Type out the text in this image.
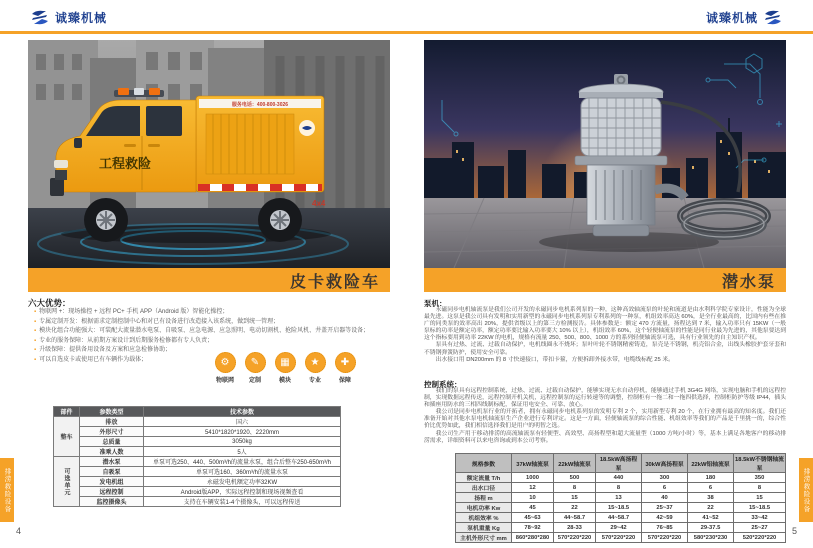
诚臻机械	诚臻机械
服务电话：400-800-3026
工程救险
4x4
皮卡救险车	潜水泵
六大优势：
▪ 物联网 +：现场操控 + 远程 PC+ 手机 APP（Android 版）智能化操控；
▪ 专属定制开发：根据需求定制控制中心和对已有设备进行改造接入该系统，做到统一管理；
▪ 模块化组合功能强大：可装配大流量潜水电泵、自吸泵、应急电源、应急照明、电动切割机、抢险风机、井盖开启器等设备；
▪ 专业的服务保障：从前期方案设计到后期服务检修都有专人负责；
▪ 升级保障：提供备用设备及方案和应急检修协助；
▪ 可以自选皮卡或使用已有车辆作为载体；	⚙
物联网
✎
定制
▦
模块
★
专业
✚
保障
部件	参数类型	技术参数
整车	排放	国六
	外形尺寸	5410*1820*1920、2220mm
	总质量	3050kg
	准乘人数	5人
可选单元	潜水泵	单泵可选250、440、500m³/h的流量水泵，组合后整车250-650m³/h
	自吸泵	单泵可选160、360m³/h的流量水泵
	发电机组	永磁发电机额定功率32KW
	远程控制	Android版APP，实际远程控制和现场视频查看
	监控摄像头	支持在车辆安装1-4个摄像头，可以远程传送
泵机：

永磁同步电机轴流泵是我们公司开发的永磁同步电机系列泵的一种，这种高效轴流泵的叶轮和流道是由水利科学院专家设计，性能为全球最先进。这泵是我公司具有发明和实用新型的永磁同步电机系列泵专利系列的一种泵，机组效率高达 60%，是全行业最高的，比国内有些在推广的同类泵的效率高出 20%，提供省级以上的第三方检测报告。具体参数是：额定 470 方流量，扬程达到 7 米，输入功率只有 15KW（一般泵标的功率是额定功率，额定功率要比输入功率要大 10% 以上），机组效率 60%，这个轻便轴流泵的性能是同行业最为先进的，其他泵要达到这个指标要用到功率 22KW 的电机，规格有流量 250、500、800、1000 方的系列轻便轴流泵可选，具有行业领先的自主知识产权。

泵具有过热、过流、过载自动保护，电机线圈永不烧坏；泵叶叶轮不锈钢精密铸造，泵壳是不锈钢，机壳铝合金，出线头橡胶护套牙套和不锈钢弹簧防护，使用安全可靠。

出水接口用 DN200mm 的 8 寸快速接口，带扣卡箍，方便拆卸外接水带，电缆线标配 25 米。

控制系统：

我们的泵具有远程控制系统，过热、过流、过载自动保护，能够实现无水自动停机，能够通过手机 3G4G 网络，实现电脑和手机的远程控制，实现数据远程传送，远程控制开机关机，远程控制泵的运行转速等的调整，控制柜有一拖二和一拖四供选择，控制柜防护等级 IP44，插头和插座用防水的三相四线制标配，保证用电安全、可靠、放心。

我公司是同步电机泵行业的开拓者，拥有永磁同步电机系列泵的发明专利 2 个，实用新型专利 20 个，在行业拥有最高的知名度。我们还准备开始对其他水泵电机轴流泵生产企业进行专利评定。这是一方面，轻便轴流泵的综合性能、机组效率等我们的产品是千里挑一的，综合性价比优势如此，我们相信选择我们是用户的明智之选。

我公司生产用于移动排涝的高流轴流泵有轻便型、高效型、高扬程型和超大流量型（1000 方吨/小时）等，基本上满足各地客户的移动排涝需求，详细资料可以来电咨询或到本公司考察。

规格参数	37kW轴流泵	22kW轴流泵	18.5kW高扬程泵	30kW高扬程泵	22kW铝轴流泵	18.5kW不锈钢轴流泵
额定流量 T/h	1000	500	440	300	180	350
出水口径	12	8	8	6	6	8
扬程 m	10	15	13	40	38	15
电机功率 Kw	45	22	15~18.5	25~37	22	15~18.5
机组效率 %	45~63	44~58.7	44~58.7	42~59	41~52	33~42
泵机重量 Kg	78~92	28-33	29~42	76~85	29-37.5	25~27
主机外形尺寸 mm	860*280*280	570*220*220	570*220*220	570*220*220	580*230*230	520*220*220
排涝救险设备	排涝救险设备
4	5
